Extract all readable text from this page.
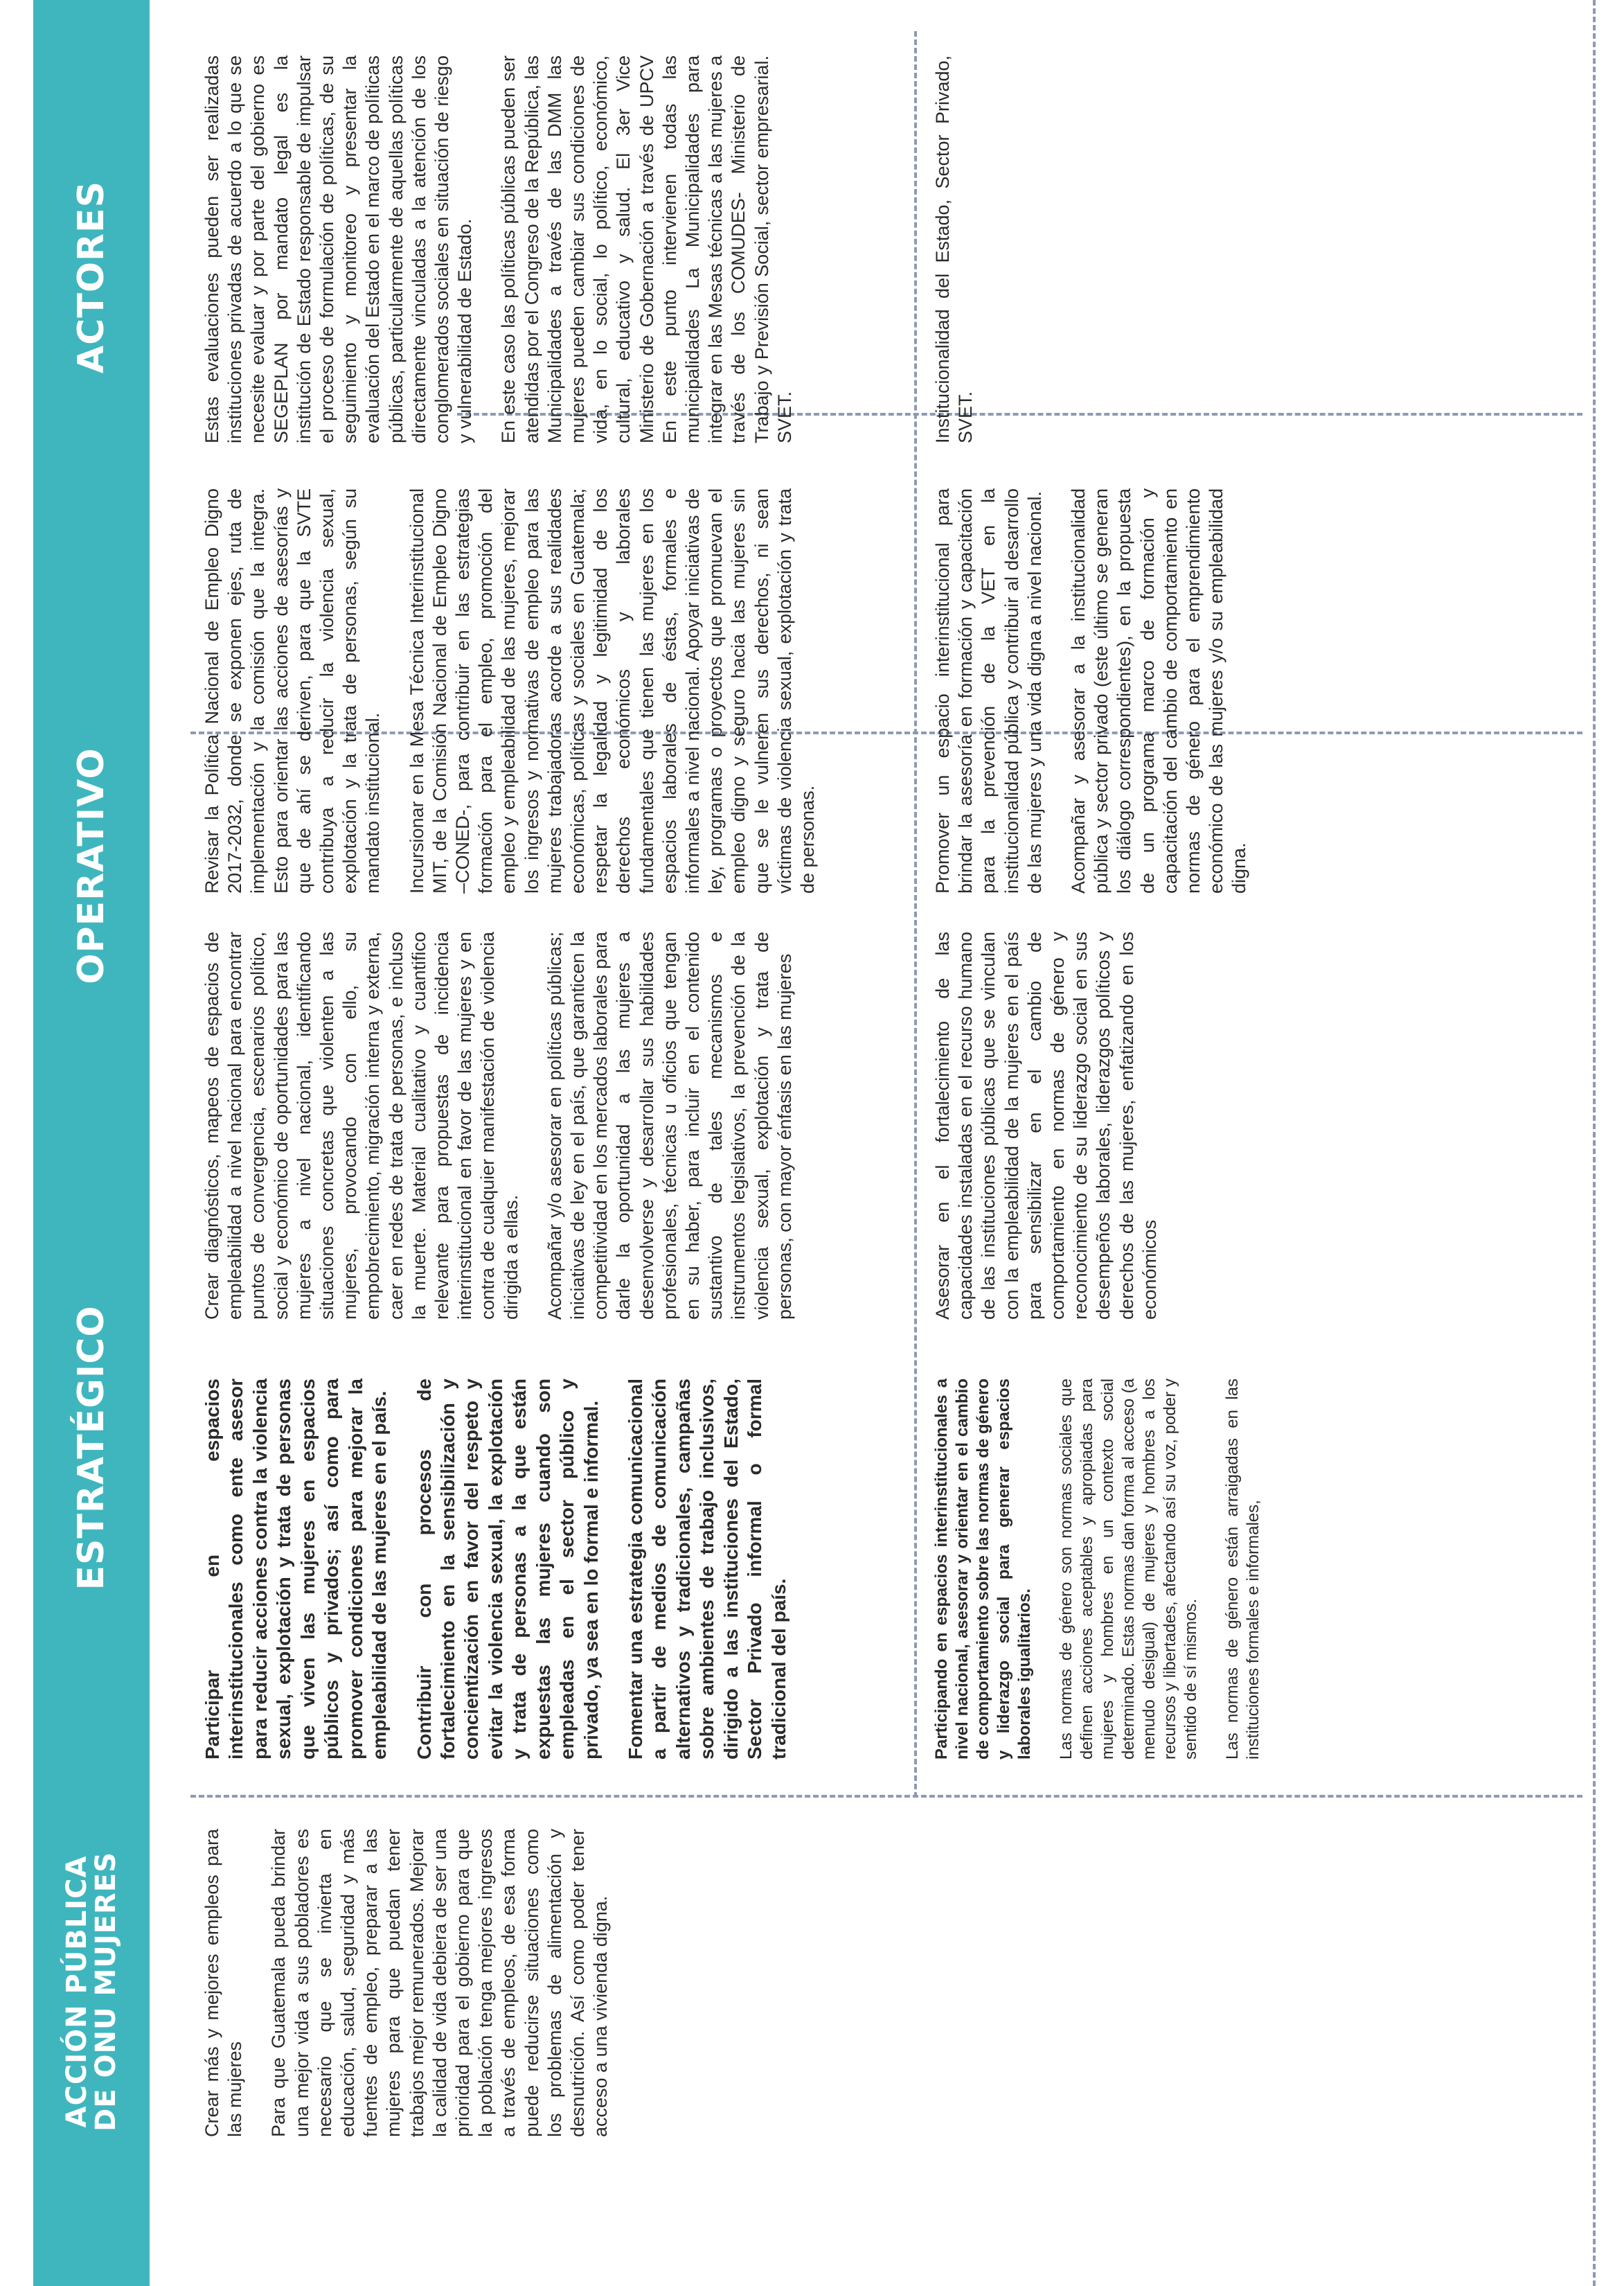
ACCIÓN PÚBLICA DE ONU MUJERES
ESTRATÉGICO
OPERATIVO
ACTORES

Crear más y mejores empleos para las mujeres Para que Guatemala pueda brindar una mejor vida a sus pobladores es necesario que se invierta en educación, salud, seguridad y más fuentes de empleo, preparar a las mujeres para que puedan tener trabajos mejor remunerados. Mejorar la calidad de vida debiera de ser una prioridad para el gobierno para que la población tenga mejores ingresos a través de empleos, de esa forma puede reducirse situaciones como los problemas de alimentación y desnutrición. Así como poder tener acceso a una vivienda digna.

Participar en espacios interinstitucionales como ente asesor para reducir acciones contra la violencia sexual, explotación y trata de personas que viven las mujeres en espacios públicos y privados; así como para promover condiciones para mejorar la empleabilidad de las mujeres en el país. Contribuir con procesos de fortalecimiento en la sensibilización y concientización en favor del respeto y evitar la violencia sexual, la explotación y trata de personas a la que están expuestas las mujeres cuando son empleadas en el sector público y privado, ya sea en lo formal e informal. Fomentar una estrategia comunicacional a partir de medios de comunicación alternativos y tradicionales, campañas sobre ambientes de trabajo inclusivos, dirigido a las instituciones del Estado, Sector Privado informal o formal tradicional del país.

Crear diagnósticos, mapeos de espacios de empleabilidad a nivel nacional para encontrar puntos de convergencia, escenarios político, social y económico de oportunidades para las mujeres a nivel nacional, identificando situaciones concretas que violenten a las mujeres, provocando con ello, su empobrecimiento, migración interna y externa, caer en redes de trata de personas, e incluso la muerte. Material cualitativo y cuantifico relevante para propuestas de incidencia interinstitucional en favor de las mujeres y en contra de cualquier manifestación de violencia dirigida a ellas. Acompañar y/o asesorar en políticas públicas; iniciativas de ley en el país, que garanticen la competitividad en los mercados laborales para darle la oportunidad a las mujeres a desenvolverse y desarrollar sus habilidades profesionales, técnicas u oficios que tengan en su haber, para incluir en el contenido sustantivo de tales mecanismos e instrumentos legislativos, la prevención de la violencia sexual, explotación y trata de personas, con mayor énfasis en las mujeres

Revisar la Política Nacional de Empleo Digno 2017-2032, donde se exponen ejes, ruta de implementación y la comisión que la integra. Esto para orientar las acciones de asesorías y que de ahí se deriven, para que la SVTE contribuya a reducir la violencia sexual, explotación y la trata de personas, según su mandato institucional. Incursionar en la Mesa Técnica Interinstitucional MIT, de la Comisión Nacional de Empleo Digno –CONED-, para contribuir en las estrategias formación para el empleo, promoción del empleo y empleabilidad de las mujeres, mejorar los ingresos y normativas de empleo para las mujeres trabajadoras acorde a sus realidades económicas, políticas y sociales en Guatemala; respetar la legalidad y legitimidad de los derechos económicos y laborales fundamentales que tienen las mujeres en los espacios laborales de éstas, formales e informales a nivel nacional. Apoyar iniciativas de ley, programas o proyectos que promuevan el empleo digno y seguro hacia las mujeres sin que se le vulneren sus derechos, ni sean víctimas de violencia sexual, explotación y trata de personas.

Estas evaluaciones pueden ser realizadas instituciones privadas de acuerdo a lo que se necesite evaluar y por parte del gobierno es SEGEPLAN por mandato legal es la institución de Estado responsable de impulsar el proceso de formulación de políticas, de su seguimiento y monitoreo y presentar la evaluación del Estado en el marco de políticas públicas, particularmente de aquellas políticas directamente vinculadas a la atención de los conglomerados sociales en situación de riesgo y vulnerabilidad de Estado. En este caso las políticas públicas pueden ser atendidas por el Congreso de la República, las Municipalidades a través de las DMM las mujeres pueden cambiar sus condiciones de vida, en lo social, lo político, económico, cultural, educativo y salud. El 3er Vice Ministerio de Gobernación a través de UPCV En este punto intervienen todas las municipalidades La Municipalidades para integrar en las Mesas técnicas a las mujeres a través de los COMUDES- Ministerio de Trabajo y Previsión Social, sector empresarial. SVET.

Participando en espacios interinstitucionales a nivel nacional, asesorar y orientar en el cambio de comportamiento sobre las normas de género y liderazgo social para generar espacios laborales igualitarios. Las normas de género son normas sociales que definen acciones aceptables y apropiadas para mujeres y hombres en un contexto social determinado. Estas normas dan forma al acceso (a menudo desigual) de mujeres y hombres a los recursos y libertades, afectando así su voz, poder y sentido de sí mismos. Las normas de género están arraigadas en las instituciones formales e informales,

Asesorar en el fortalecimiento de las capacidades instaladas en el recurso humano de las instituciones públicas que se vinculan con la empleabilidad de la mujeres en el país para sensibilizar en el cambio de comportamiento en normas de género y reconocimiento de su liderazgo social en sus desempeños laborales, liderazgos políticos y derechos de las mujeres, enfatizando en los económicos

Promover un espacio interinstitucional para brindar la asesoría en formación y capacitación para la prevención de la VET en la institucionalidad pública y contribuir al desarrollo de las mujeres y una vida digna a nivel nacional. Acompañar y asesorar a la institucionalidad pública y sector privado (este último se generan los diálogo correspondientes), en la propuesta de un programa marco de formación y capacitación del cambio de comportamiento en normas de género para el emprendimiento económico de las mujeres y/o su empleabilidad digna.

Institucionalidad del Estado, Sector Privado, SVET.
